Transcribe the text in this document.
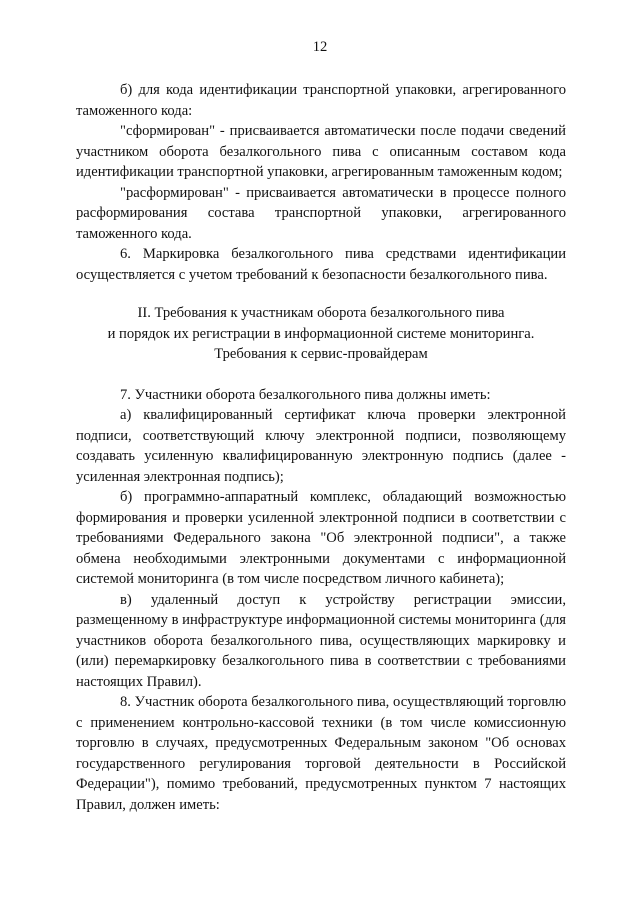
12

б) для кода идентификации транспортной упаковки, агрегированного таможенного кода:

"сформирован" - присваивается автоматически после подачи сведений участником оборота безалкогольного пива с описанным составом кода идентификации транспортной упаковки, агрегированным таможенным кодом;

"расформирован" - присваивается автоматически в процессе полного расформирования состава транспортной упаковки, агрегированного таможенного кода.

6. Маркировка безалкогольного пива средствами идентификации осуществляется с учетом требований к безопасности безалкогольного пива.

II. Требования к участникам оборота безалкогольного пива
и порядок их регистрации в информационной системе мониторинга.
Требования к сервис-провайдерам

7. Участники оборота безалкогольного пива должны иметь:

а) квалифицированный сертификат ключа проверки электронной подписи, соответствующий ключу электронной подписи, позволяющему создавать усиленную квалифицированную электронную подпись (далее - усиленная электронная подпись);

б) программно-аппаратный комплекс, обладающий возможностью формирования и проверки усиленной электронной подписи в соответствии с требованиями Федерального закона "Об электронной подписи", а также обмена необходимыми электронными документами с информационной системой мониторинга (в том числе посредством личного кабинета);

в) удаленный доступ к устройству регистрации эмиссии, размещенному в инфраструктуре информационной системы мониторинга (для участников оборота безалкогольного пива, осуществляющих маркировку и (или) перемаркировку безалкогольного пива в соответствии с требованиями настоящих Правил).

8. Участник оборота безалкогольного пива, осуществляющий торговлю с применением контрольно-кассовой техники (в том числе комиссионную торговлю в случаях, предусмотренных Федеральным законом "Об основах государственного регулирования торговой деятельности в Российской Федерации"), помимо требований, предусмотренных пунктом 7 настоящих Правил, должен иметь:
